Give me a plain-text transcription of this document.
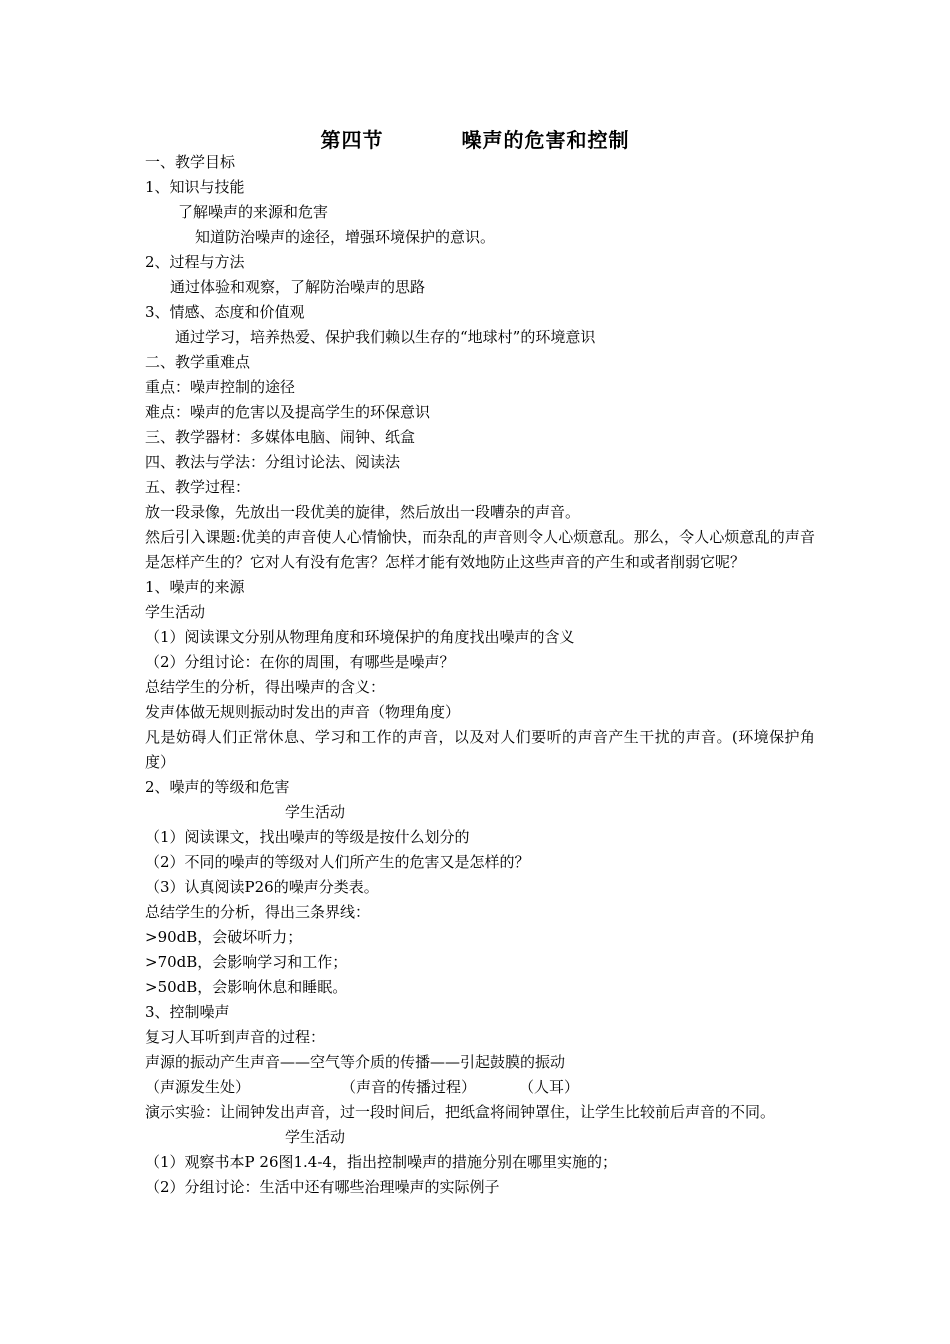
第四节	噪声的危害和控制
一、教学目标
1、知识与技能
了解噪声的来源和危害
知道防治噪声的途径，增强环境保护的意识。
2、过程与方法
通过体验和观察，了解防治噪声的思路
3、情感、态度和价值观
通过学习，培养热爱、保护我们赖以生存的“地球村”的环境意识
二、教学重难点
重点：噪声控制的途径
难点：噪声的危害以及提高学生的环保意识
三、教学器材：多媒体电脑、闹钟、纸盒
四、教法与学法：分组讨论法、阅读法
五、教学过程：
放一段录像，先放出一段优美的旋律，然后放出一段嘈杂的声音。
然后引入课题:优美的声音使人心情愉快，而杂乱的声音则令人心烦意乱。那么，令人心烦意乱的声音是怎样产生的？它对人有没有危害？怎样才能有效地防止这些声音的产生和或者削弱它呢？
1、噪声的来源
学生活动
（1）阅读课文分别从物理角度和环境保护的角度找出噪声的含义
（2）分组讨论：在你的周围，有哪些是噪声？
总结学生的分析，得出噪声的含义：
发声体做无规则振动时发出的声音（物理角度）
凡是妨碍人们正常休息、学习和工作的声音，以及对人们要听的声音产生干扰的声音。(环境保护角度）
2、噪声的等级和危害
学生活动
（1）阅读课文，找出噪声的等级是按什么划分的
（2）不同的噪声的等级对人们所产生的危害又是怎样的？
（3）认真阅读P26的噪声分类表。
总结学生的分析，得出三条界线：
>90dB，会破坏听力；
>70dB，会影响学习和工作；
>50dB，会影响休息和睡眠。
3、控制噪声
复习人耳听到声音的过程：
声源的振动产生声音——空气等介质的传播——引起鼓膜的振动
（声源发生处）	（声音的传播过程）	（人耳）
演示实验：让闹钟发出声音，过一段时间后，把纸盒将闹钟罩住，让学生比较前后声音的不同。
学生活动
（1）观察书本P 26图1.4-4，指出控制噪声的措施分别在哪里实施的；
（2）分组讨论：生活中还有哪些治理噪声的实际例子
